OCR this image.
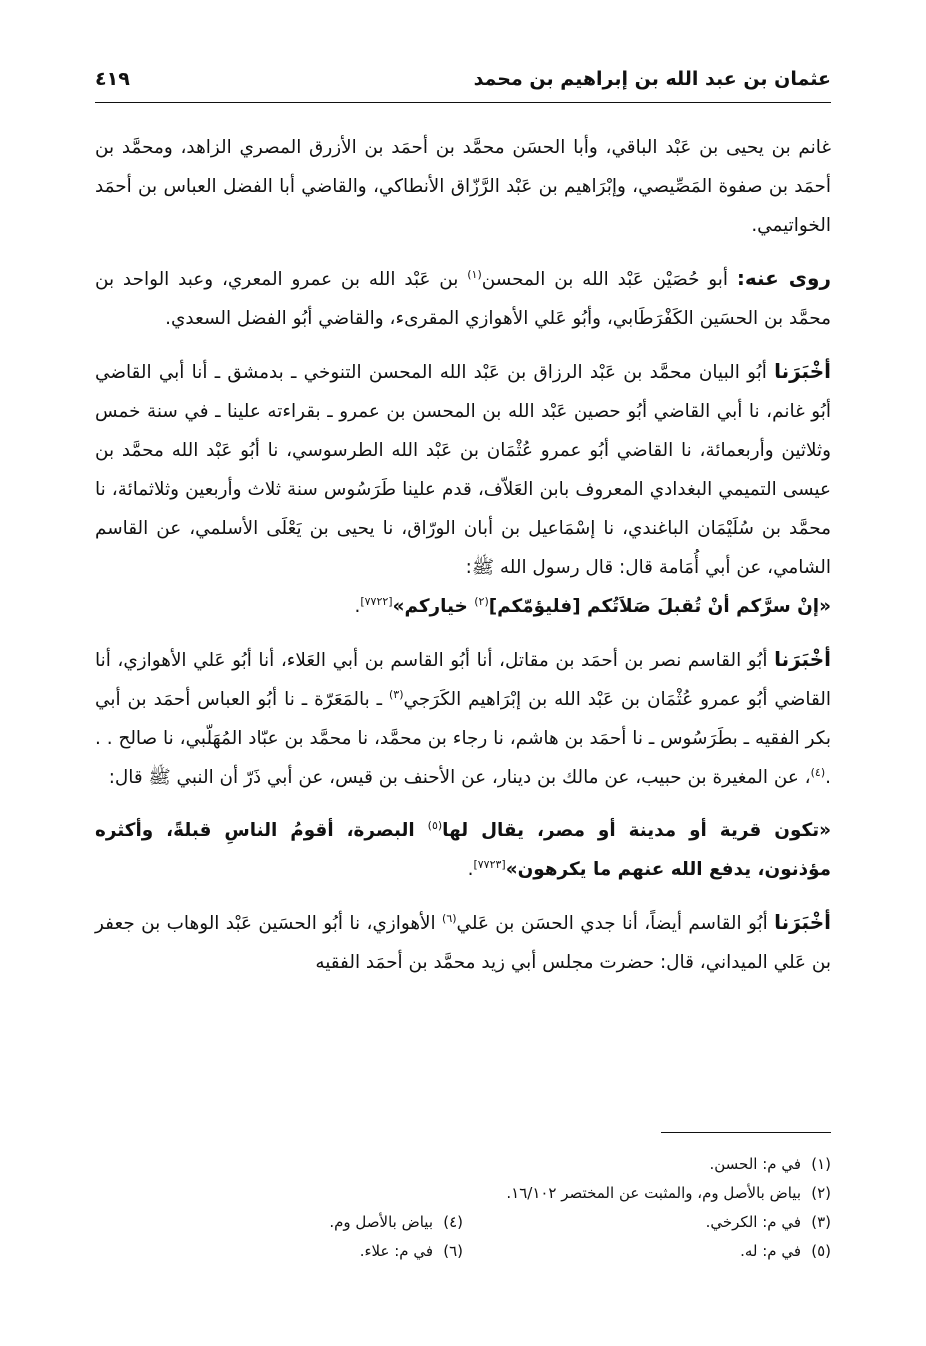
عثمان بن عبد الله بن إبراهيم بن محمد
٤١٩

غانم بن يحيى بن عَبْد الباقي، وأبا الحسَن محمَّد بن أحمَد بن الأزرق المصري الزاهد، ومحمَّد بن أحمَد بن صفوة المَصِّيصي، وإبْرَاهيم بن عَبْد الرَّزّاق الأنطاكي، والقاضي أبا الفضل العباس بن أحمَد الخواتيمي.

روى عنه: أبو حُصَيْن عَبْد الله بن المحسن$^{(١)}$ بن عَبْد الله بن عمرو المعري، وعبد الواحد بن محمَّد بن الحسَين الكَفْرَطَابي، وأبُو عَلي الأهوازي المقرىء، والقاضي أبُو الفضل السعدي.

أخْبَرَنا أبُو البيان محمَّد بن عَبْد الرزاق بن عَبْد الله المحسن التنوخي ـ بدمشق ـ أنا أبي القاضي أبُو غانم، نا أبي القاضي أبُو حصين عَبْد الله بن المحسن بن عمرو ـ بقراءته علينا ـ في سنة خمس وثلاثين وأربعمائة، نا القاضي أبُو عمرو عُثْمَان بن عَبْد الله الطرسوسي، نا أبُو عَبْد الله محمَّد بن عيسى التميمي البغدادي المعروف بابن العَلاّف، قدم علينا طَرَسُوس سنة ثلاث وأربعين وثلاثمائة، نا محمَّد بن سُلَيْمَان الباغندي، نا إسْمَاعيل بن أبان الورّاق، نا يحيى بن يَعْلَى الأسلمي، عن القاسم الشامي، عن أبي أُمَامة قال: قال رسول الله ﷺ:
«إنْ سرَّكم أنْ تُقبلَ صَلاَتُكم [فليؤمّكم]$^{(٢)}$ خياركم»[٧٧٢٢].

أخْبَرَنا أبُو القاسم نصر بن أحمَد بن مقاتل، أنا أبُو القاسم بن أبي العَلاء، أنا أبُو عَلي الأهوازي، أنا القاضي أبُو عمرو عُثْمَان بن عَبْد الله بن إبْرَاهيم الكَرَجي$^{(٣)}$ ـ بالمَعَرّة ـ نا أبُو العباس أحمَد بن أبي بكر الفقيه ـ بطَرَسُوس ـ نا أحمَد بن هاشم، نا رجاء بن محمَّد، نا محمَّد بن عبّاد المُهَلّبي، نا صالح . . .$^{(٤)}$، عن المغيرة بن حبيب، عن مالك بن دينار، عن الأحنف بن قيس، عن أبي ذَرّ أن النبي ﷺ قال:

«تكون قرية أو مدينة أو مصر، يقال لها$^{(٥)}$ البصرة، أقومُ الناسِ قبلةً، وأكثره مؤذنون، يدفع الله عنهم ما يكرهون»[٧٧٢٣].

أخْبَرَنا أبُو القاسم أيضاً، أنا جدي الحسَن بن عَلي$^{(٦)}$ الأهوازي، نا أبُو الحسَين عَبْد الوهاب بن جعفر بن عَلي الميداني، قال: حضرت مجلس أبي زيد محمَّد بن أحمَد الفقيه

(١)في م: الحسن.
(٢)بياض بالأصل وم، والمثبت عن المختصر ١٦/١٠٢.
(٣)في م: الكرخي.
(٤)بياض بالأصل وم.
(٥)في م: له.
(٦)في م: علاء.
